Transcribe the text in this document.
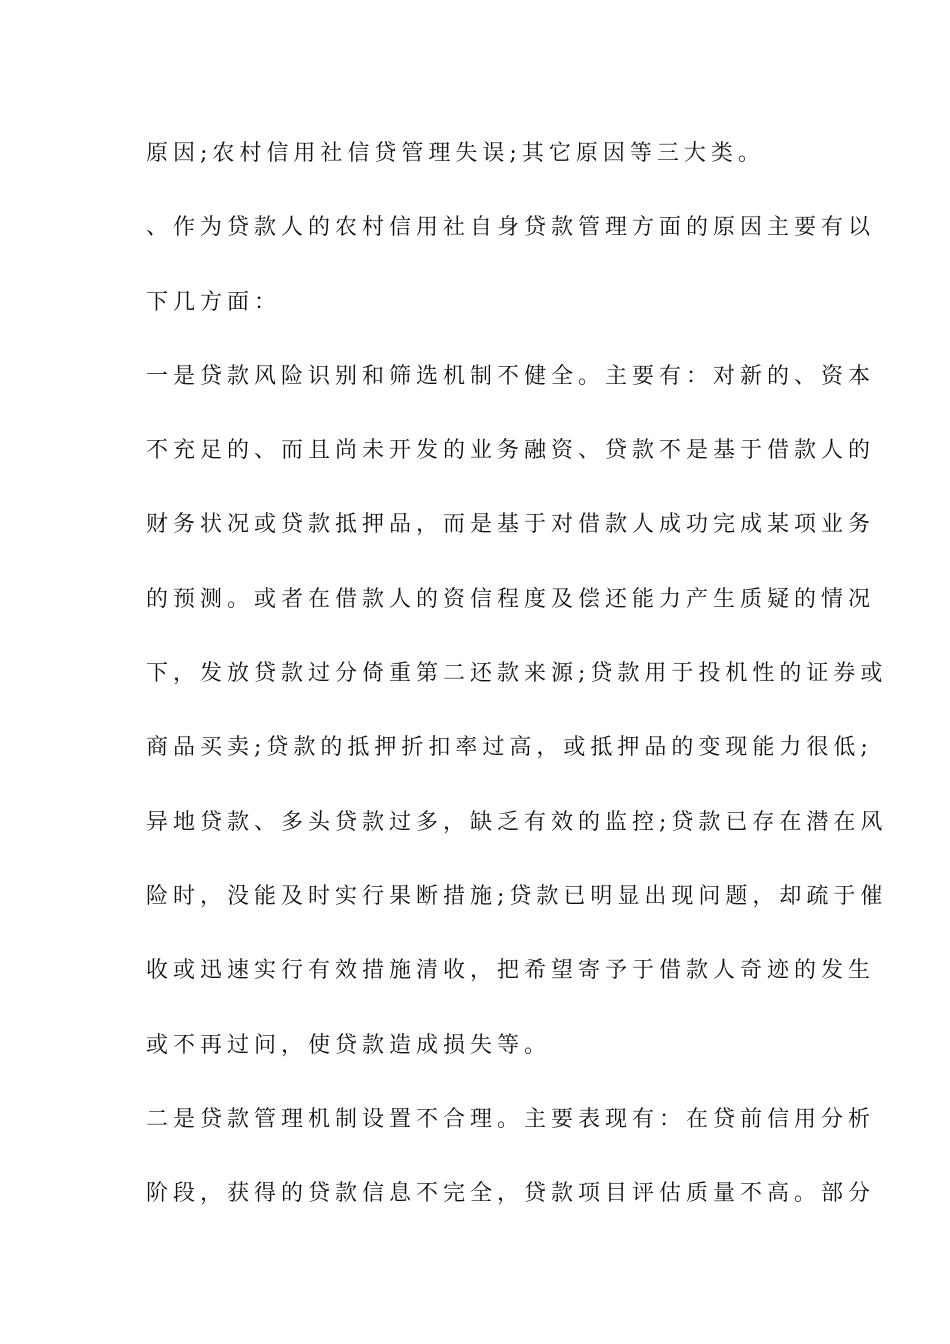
原因;农村信用社信贷管理失误;其它原因等三大类。
、作为贷款人的农村信用社自身贷款管理方面的原因主要有以
下几方面：
一是贷款风险识别和筛选机制不健全。主要有：对新的、资本
不充足的、而且尚未开发的业务融资、贷款不是基于借款人的
财务状况或贷款抵押品，而是基于对借款人成功完成某项业务
的预测。或者在借款人的资信程度及偿还能力产生质疑的情况
下，发放贷款过分倚重第二还款来源;贷款用于投机性的证券或
商品买卖;贷款的抵押折扣率过高，或抵押品的变现能力很低;
异地贷款、多头贷款过多，缺乏有效的监控;贷款已存在潜在风
险时，没能及时实行果断措施;贷款已明显出现问题，却疏于催
收或迅速实行有效措施清收，把希望寄予于借款人奇迹的发生
或不再过问，使贷款造成损失等。
二是贷款管理机制设置不合理。主要表现有：在贷前信用分析
阶段，获得的贷款信息不完全，贷款项目评估质量不高。部分
